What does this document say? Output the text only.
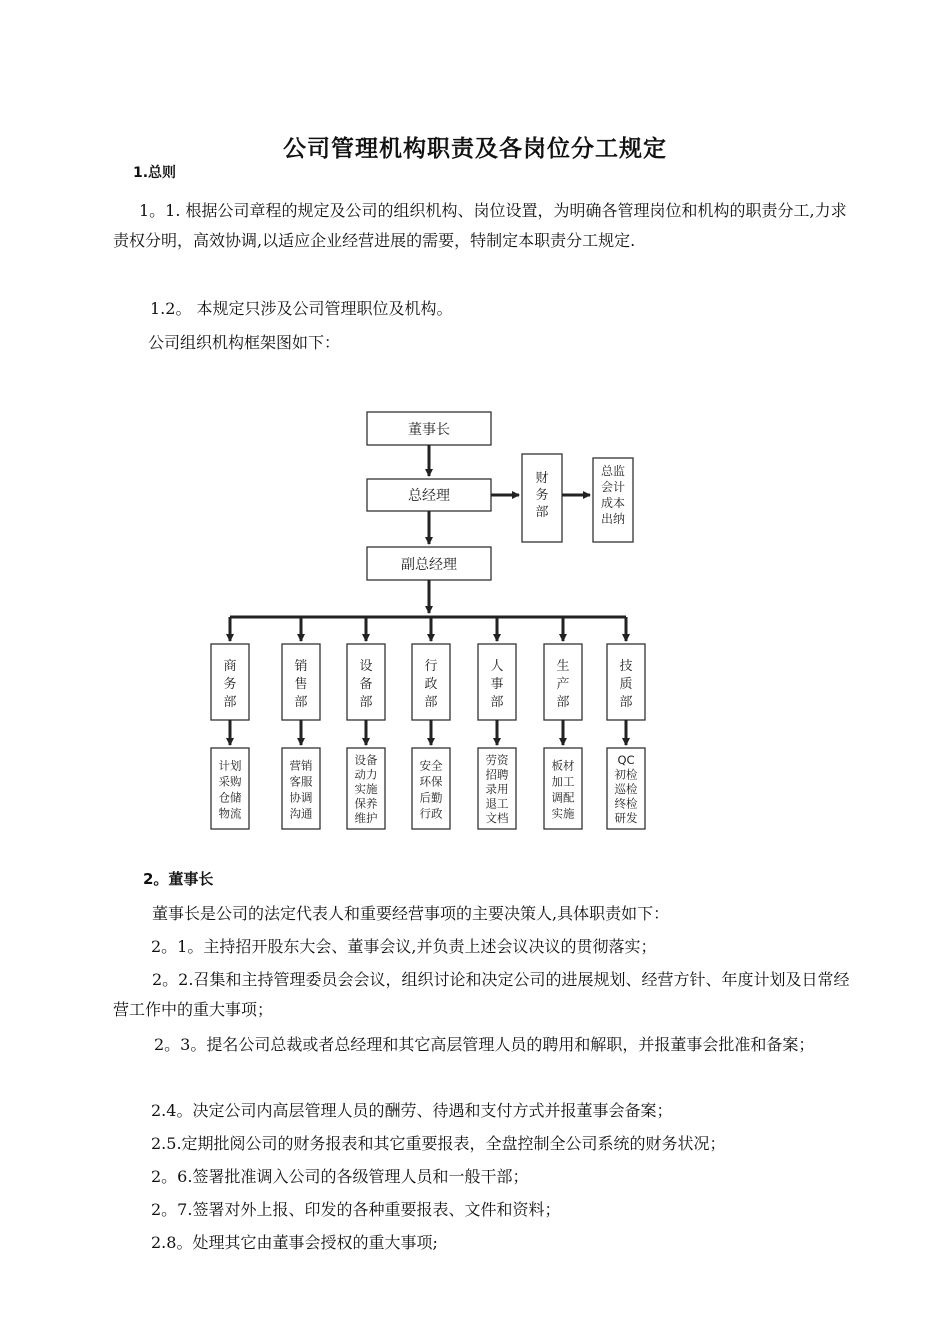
公司管理机构职责及各岗位分工规定
1.总则

1。1. 根据公司章程的规定及公司的组织机构、岗位设置，为明确各管理岗位和机构的职责分工,力求责权分明，高效协调,以适应企业经营进展的需要，特制定本职责分工规定.

1.2。 本规定只涉及公司管理职位及机构。
公司组织机构框架图如下：
董事长
总经理
副总经理
财
务
部
总监
会计
成本
出纳
商
务
部
计划
采购
仓储
物流
销
售
部
营销
客服
协调
沟通
设
备
部
设备
动力
实施
保养
维护
行
政
部
安全
环保
后勤
行政
人
事
部
劳资
招聘
录用
退工
文档
生
产
部
板材
加工
调配
实施
技
质
部
QC
初检
巡检
终检
研发
2。董事长
董事长是公司的法定代表人和重要经营事项的主要决策人,具体职责如下：
2。1。主持招开股东大会、董事会议,并负责上述会议决议的贯彻落实；

2。2.召集和主持管理委员会会议，组织讨论和决定公司的进展规划、经营方针、年度计划及日常经营工作中的重大事项；

2。3。提名公司总裁或者总经理和其它高层管理人员的聘用和解职，并报董事会批准和备案；

2.4。决定公司内高层管理人员的酬劳、待遇和支付方式并报董事会备案；
2.5.定期批阅公司的财务报表和其它重要报表，全盘控制全公司系统的财务状况；
2。6.签署批准调入公司的各级管理人员和一般干部；
2。7.签署对外上报、印发的各种重要报表、文件和资料；
2.8。处理其它由董事会授权的重大事项;
